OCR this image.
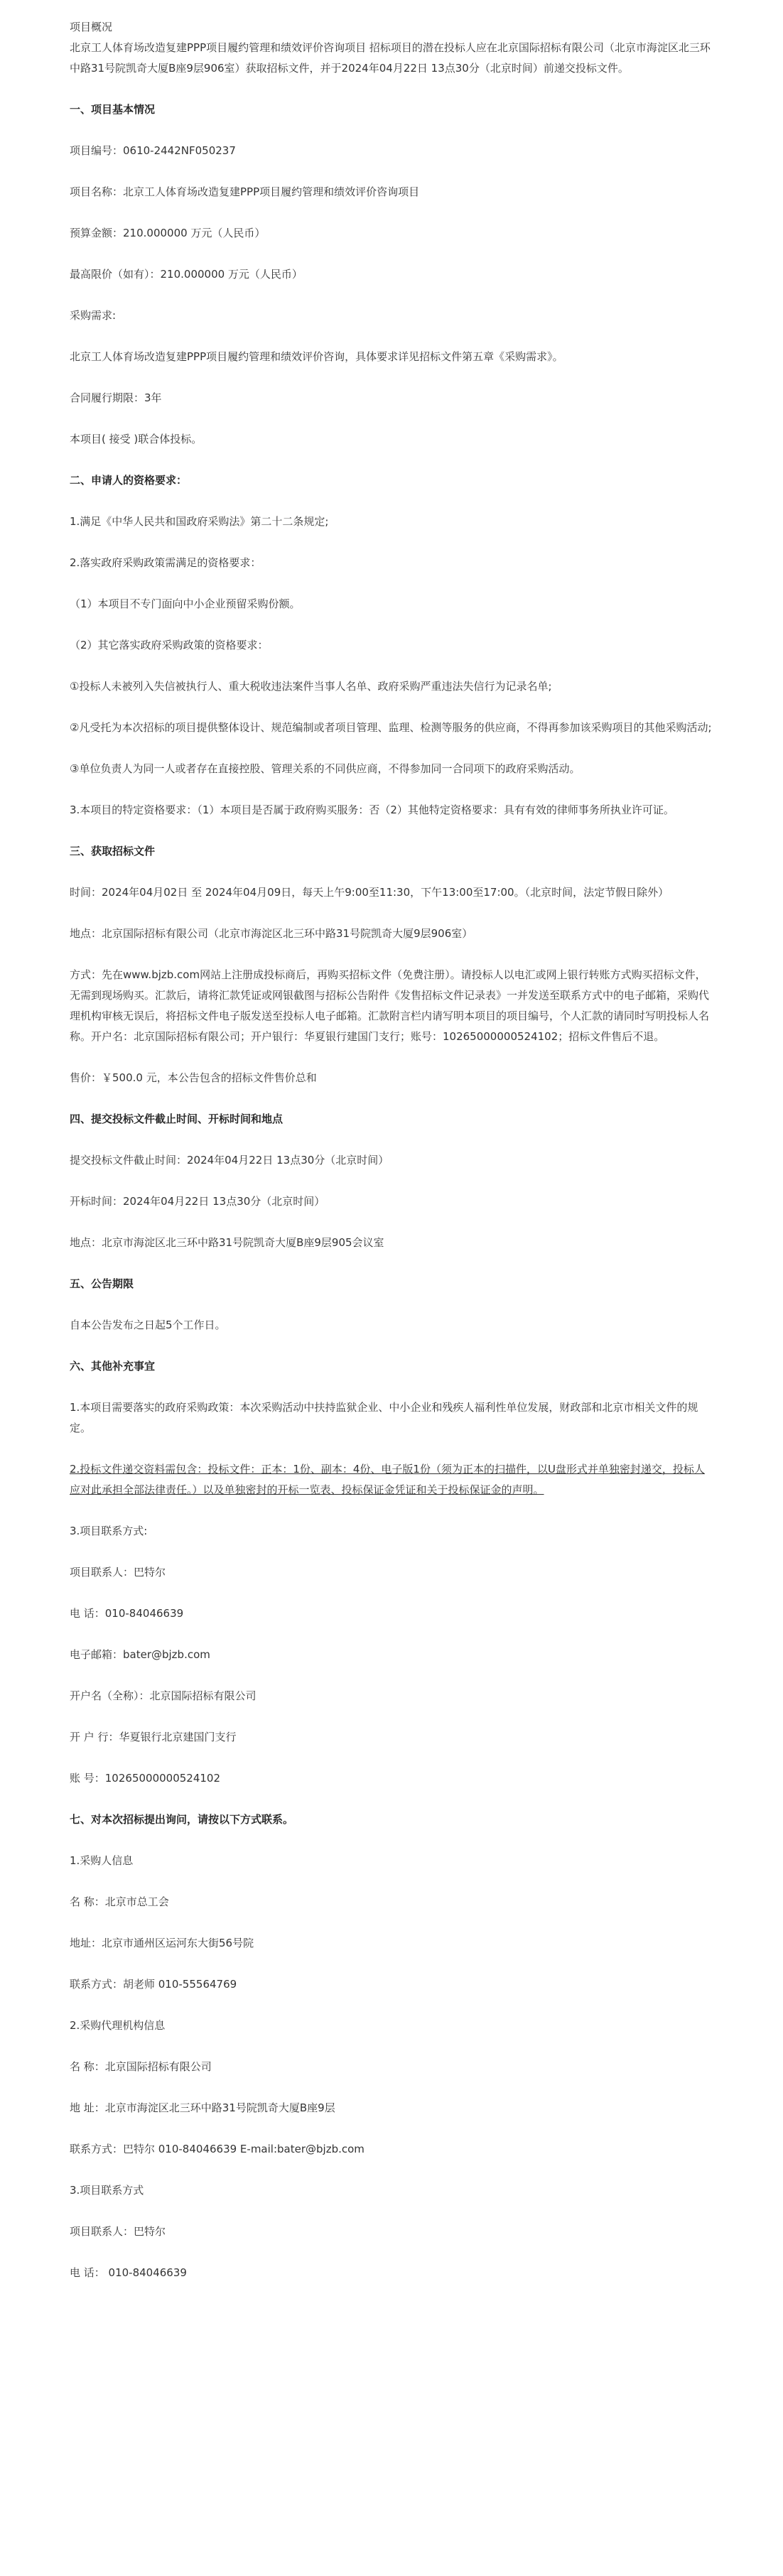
项目概况

北京工人体育场改造复建PPP项目履约管理和绩效评价咨询项目 招标项目的潜在投标人应在北京国际招标有限公司（北京市海淀区北三环中路31号院凯奇大厦B座9层906室）获取招标文件，并于2024年04月22日 13点30分（北京时间）前递交投标文件。

一、项目基本情况

项目编号：0610-2442NF050237

项目名称：北京工人体育场改造复建PPP项目履约管理和绩效评价咨询项目

预算金额：210.000000 万元（人民币）

最高限价（如有）：210.000000 万元（人民币）

采购需求:

北京工人体育场改造复建PPP项目履约管理和绩效评价咨询，具体要求详见招标文件第五章《采购需求》。

合同履行期限：3年

本项目( 接受 )联合体投标。

二、申请人的资格要求：

1.满足《中华人民共和国政府采购法》第二十二条规定;

2.落实政府采购政策需满足的资格要求：

（1）本项目不专门面向中小企业预留采购份额。

（2）其它落实政府采购政策的资格要求：

①投标人未被列入失信被执行人、重大税收违法案件当事人名单、政府采购严重违法失信行为记录名单;

②凡受托为本次招标的项目提供整体设计、规范编制或者项目管理、监理、检测等服务的供应商，不得再参加该采购项目的其他采购活动;

③单位负责人为同一人或者存在直接控股、管理关系的不同供应商，不得参加同一合同项下的政府采购活动。

3.本项目的特定资格要求：（1）本项目是否属于政府购买服务：否（2）其他特定资格要求：具有有效的律师事务所执业许可证。

三、获取招标文件

时间：2024年04月02日 至 2024年04月09日，每天上午9:00至11:30，下午13:00至17:00。（北京时间，法定节假日除外）

地点：北京国际招标有限公司（北京市海淀区北三环中路31号院凯奇大厦9层906室）

方式：先在www.bjzb.com网站上注册成投标商后，再购买招标文件（免费注册）。请投标人以电汇或网上银行转账方式购买招标文件，无需到现场购买。汇款后，请将汇款凭证或网银截图与招标公告附件《发售招标文件记录表》一并发送至联系方式中的电子邮箱，采购代理机构审核无误后，将招标文件电子版发送至投标人电子邮箱。汇款附言栏内请写明本项目的项目编号，个人汇款的请同时写明投标人名称。开户名：北京国际招标有限公司；开户银行：华夏银行建国门支行；账号：10265000000524102；招标文件售后不退。

售价：￥500.0 元，本公告包含的招标文件售价总和

四、提交投标文件截止时间、开标时间和地点

提交投标文件截止时间：2024年04月22日 13点30分（北京时间）

开标时间：2024年04月22日 13点30分（北京时间）

地点：北京市海淀区北三环中路31号院凯奇大厦B座9层905会议室

五、公告期限

自本公告发布之日起5个工作日。

六、其他补充事宜

1.本项目需要落实的政府采购政策：本次采购活动中扶持监狱企业、中小企业和残疾人福利性单位发展，财政部和北京市相关文件的规定。

2.投标文件递交资料需包含：投标文件：正本：1份、副本：4份、电子版1份（须为正本的扫描件，以U盘形式并单独密封递交，投标人应对此承担全部法律责任。）以及单独密封的开标一览表、投标保证金凭证和关于投标保证金的声明。

3.项目联系方式:

项目联系人：巴特尔

电 话：010-84046639

电子邮箱：bater@bjzb.com

开户名（全称）：北京国际招标有限公司

开 户 行：华夏银行北京建国门支行

账 号：10265000000524102

七、对本次招标提出询问，请按以下方式联系。

1.采购人信息

名 称：北京市总工会

地址：北京市通州区运河东大街56号院

联系方式：胡老师 010-55564769

2.采购代理机构信息

名 称：北京国际招标有限公司

地 址：北京市海淀区北三环中路31号院凯奇大厦B座9层

联系方式：巴特尔 010-84046639 E-mail:bater@bjzb.com

3.项目联系方式

项目联系人：巴特尔

电 话： 010-84046639
